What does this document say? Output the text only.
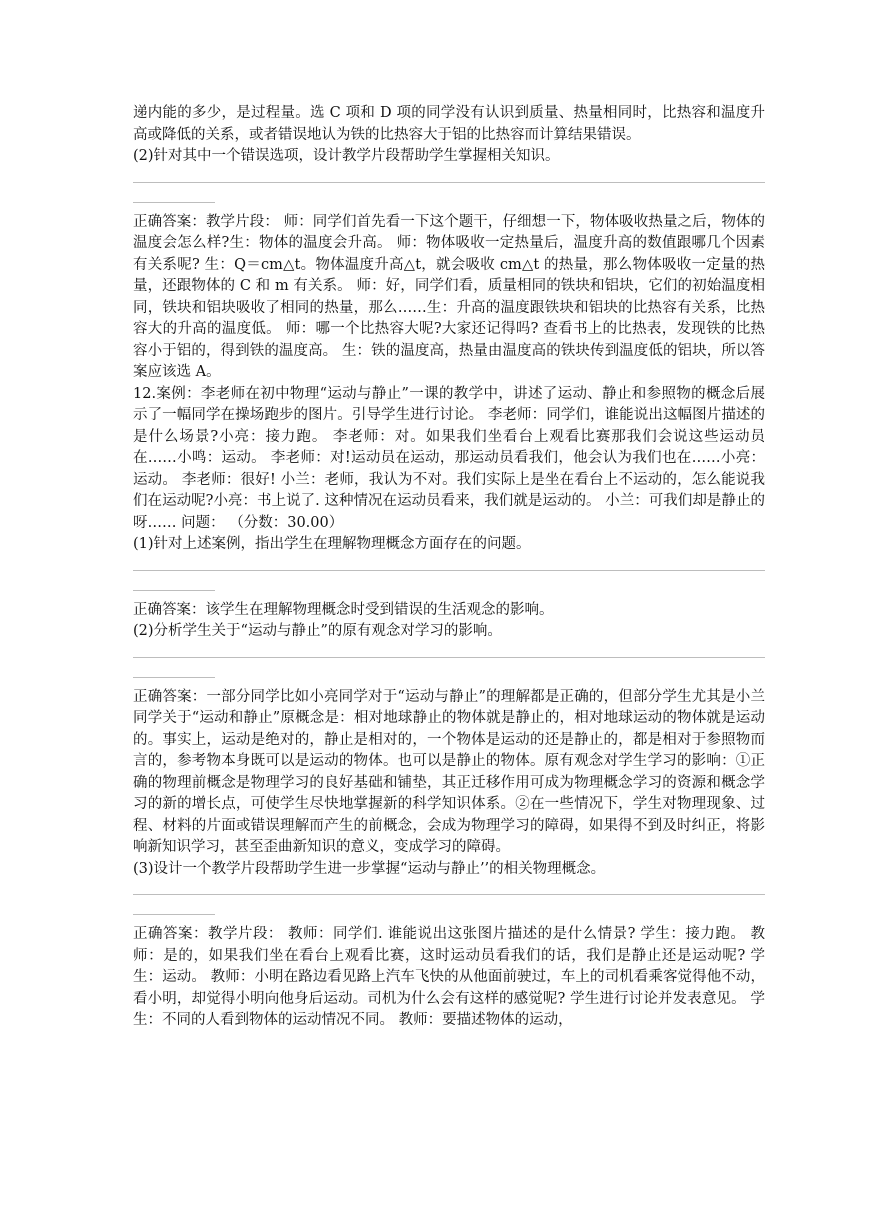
递内能的多少，是过程量。选 C 项和 D 项的同学没有认识到质量、热量相同时，比热容和温度升高或降低的关系，或者错误地认为铁的比热容大于铝的比热容而计算结果错误。

(2)针对其中一个错误选项，设计教学片段帮助学生掌握相关知识。

正确答案：教学片段： 师：同学们首先看一下这个题干，仔细想一下，物体吸收热量之后，物体的温度会怎么样?生：物体的温度会升高。 师：物体吸收一定热量后，温度升高的数值跟哪几个因素有关系呢? 生：Q＝cm△t。物体温度升高△t，就会吸收 cm△t 的热量，那么物体吸收一定量的热量，还跟物体的 C 和 m 有关系。 师：好，同学们看，质量相同的铁块和铝块，它们的初始温度相同，铁块和铝块吸收了相同的热量，那么……生：升高的温度跟铁块和铝块的比热容有关系，比热容大的升高的温度低。 师：哪一个比热容大呢?大家还记得吗? 查看书上的比热表，发现铁的比热容小于铝的，得到铁的温度高。 生：铁的温度高，热量由温度高的铁块传到温度低的铝块，所以答案应该选 A。

12.案例：李老师在初中物理“运动与静止”一课的教学中，讲述了运动、静止和参照物的概念后展示了一幅同学在操场跑步的图片。引导学生进行讨论。 李老师：同学们，谁能说出这幅图片描述的是什么场景?小亮：接力跑。 李老师：对。如果我们坐看台上观看比赛那我们会说这些运动员在……小鸣：运动。 李老师：对!运动员在运动，那运动员看我们，他会认为我们也在……小亮：运动。 李老师：很好! 小兰：老师，我认为不对。我们实际上是坐在看台上不运动的，怎么能说我们在运动呢?小亮：书上说了. 这种情况在运动员看来，我们就是运动的。 小兰：可我们却是静止的呀…… 问题： （分数：30.00）

(1)针对上述案例，指出学生在理解物理概念方面存在的问题。

正确答案：该学生在理解物理概念时受到错误的生活观念的影响。

(2)分析学生关于“运动与静止”的原有观念对学习的影响。

正确答案：一部分同学比如小亮同学对于“运动与静止”的理解都是正确的，但部分学生尤其是小兰同学关于“运动和静止”原概念是：相对地球静止的物体就是静止的，相对地球运动的物体就是运动的。事实上，运动是绝对的，静止是相对的，一个物体是运动的还是静止的，都是相对于参照物而言的，参考物本身既可以是运动的物体。也可以是静止的物体。原有观念对学生学习的影响：①正确的物理前概念是物理学习的良好基础和铺垫，其正迁移作用可成为物理概念学习的资源和概念学习的新的增长点，可使学生尽快地掌握新的科学知识体系。②在一些情况下，学生对物理现象、过程、材料的片面或错误理解而产生的前概念，会成为物理学习的障碍，如果得不到及时纠正，将影响新知识学习，甚至歪曲新知识的意义，变成学习的障碍。

(3)设计一个教学片段帮助学生进一步掌握“运动与静止’’的相关物理概念。

正确答案：教学片段： 教师：同学们. 谁能说出这张图片描述的是什么情景? 学生：接力跑。 教师：是的，如果我们坐在看台上观看比赛，这时运动员看我们的话，我们是静止还是运动呢? 学生：运动。 教师：小明在路边看见路上汽车飞快的从他面前驶过，车上的司机看乘客觉得他不动，看小明，却觉得小明向他身后运动。司机为什么会有这样的感觉呢? 学生进行讨论并发表意见。 学生：不同的人看到物体的运动情况不同。 教师：要描述物体的运动，
